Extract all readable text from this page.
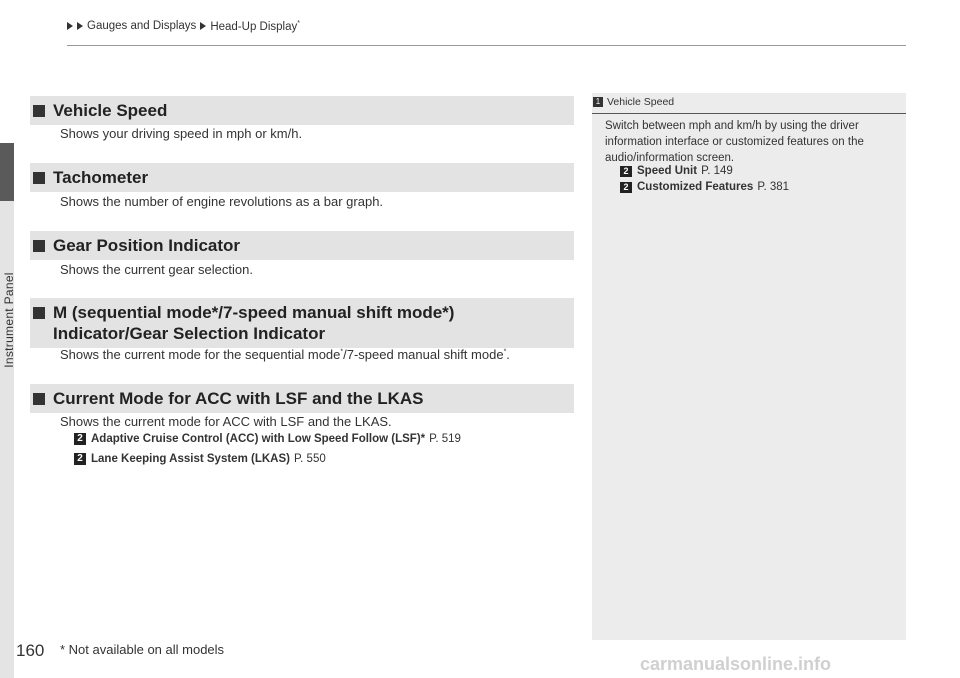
Instrument Panel
Gauges and Displays Head-Up Display*
Vehicle Speed
Shows your driving speed in mph or km/h.
Tachometer
Shows the number of engine revolutions as a bar graph.
Gear Position Indicator
Shows the current gear selection.
M (sequential mode*/7-speed manual shift mode*)
Indicator/Gear Selection Indicator
Shows the current mode for the sequential mode*/7-speed manual shift mode*.
Current Mode for ACC with LSF and the LKAS
Shows the current mode for ACC with LSF and the LKAS.
2 Adaptive Cruise Control (ACC) with Low Speed Follow (LSF) * P. 519
2 Lane Keeping Assist System (LKAS) P. 550
1 Vehicle Speed
Switch between mph and km/h by using the driver information interface or customized features on the audio/information screen.
2 Speed Unit P. 149
2 Customized Features P. 381
160 * Not available on all models
carmanualsonline.info
